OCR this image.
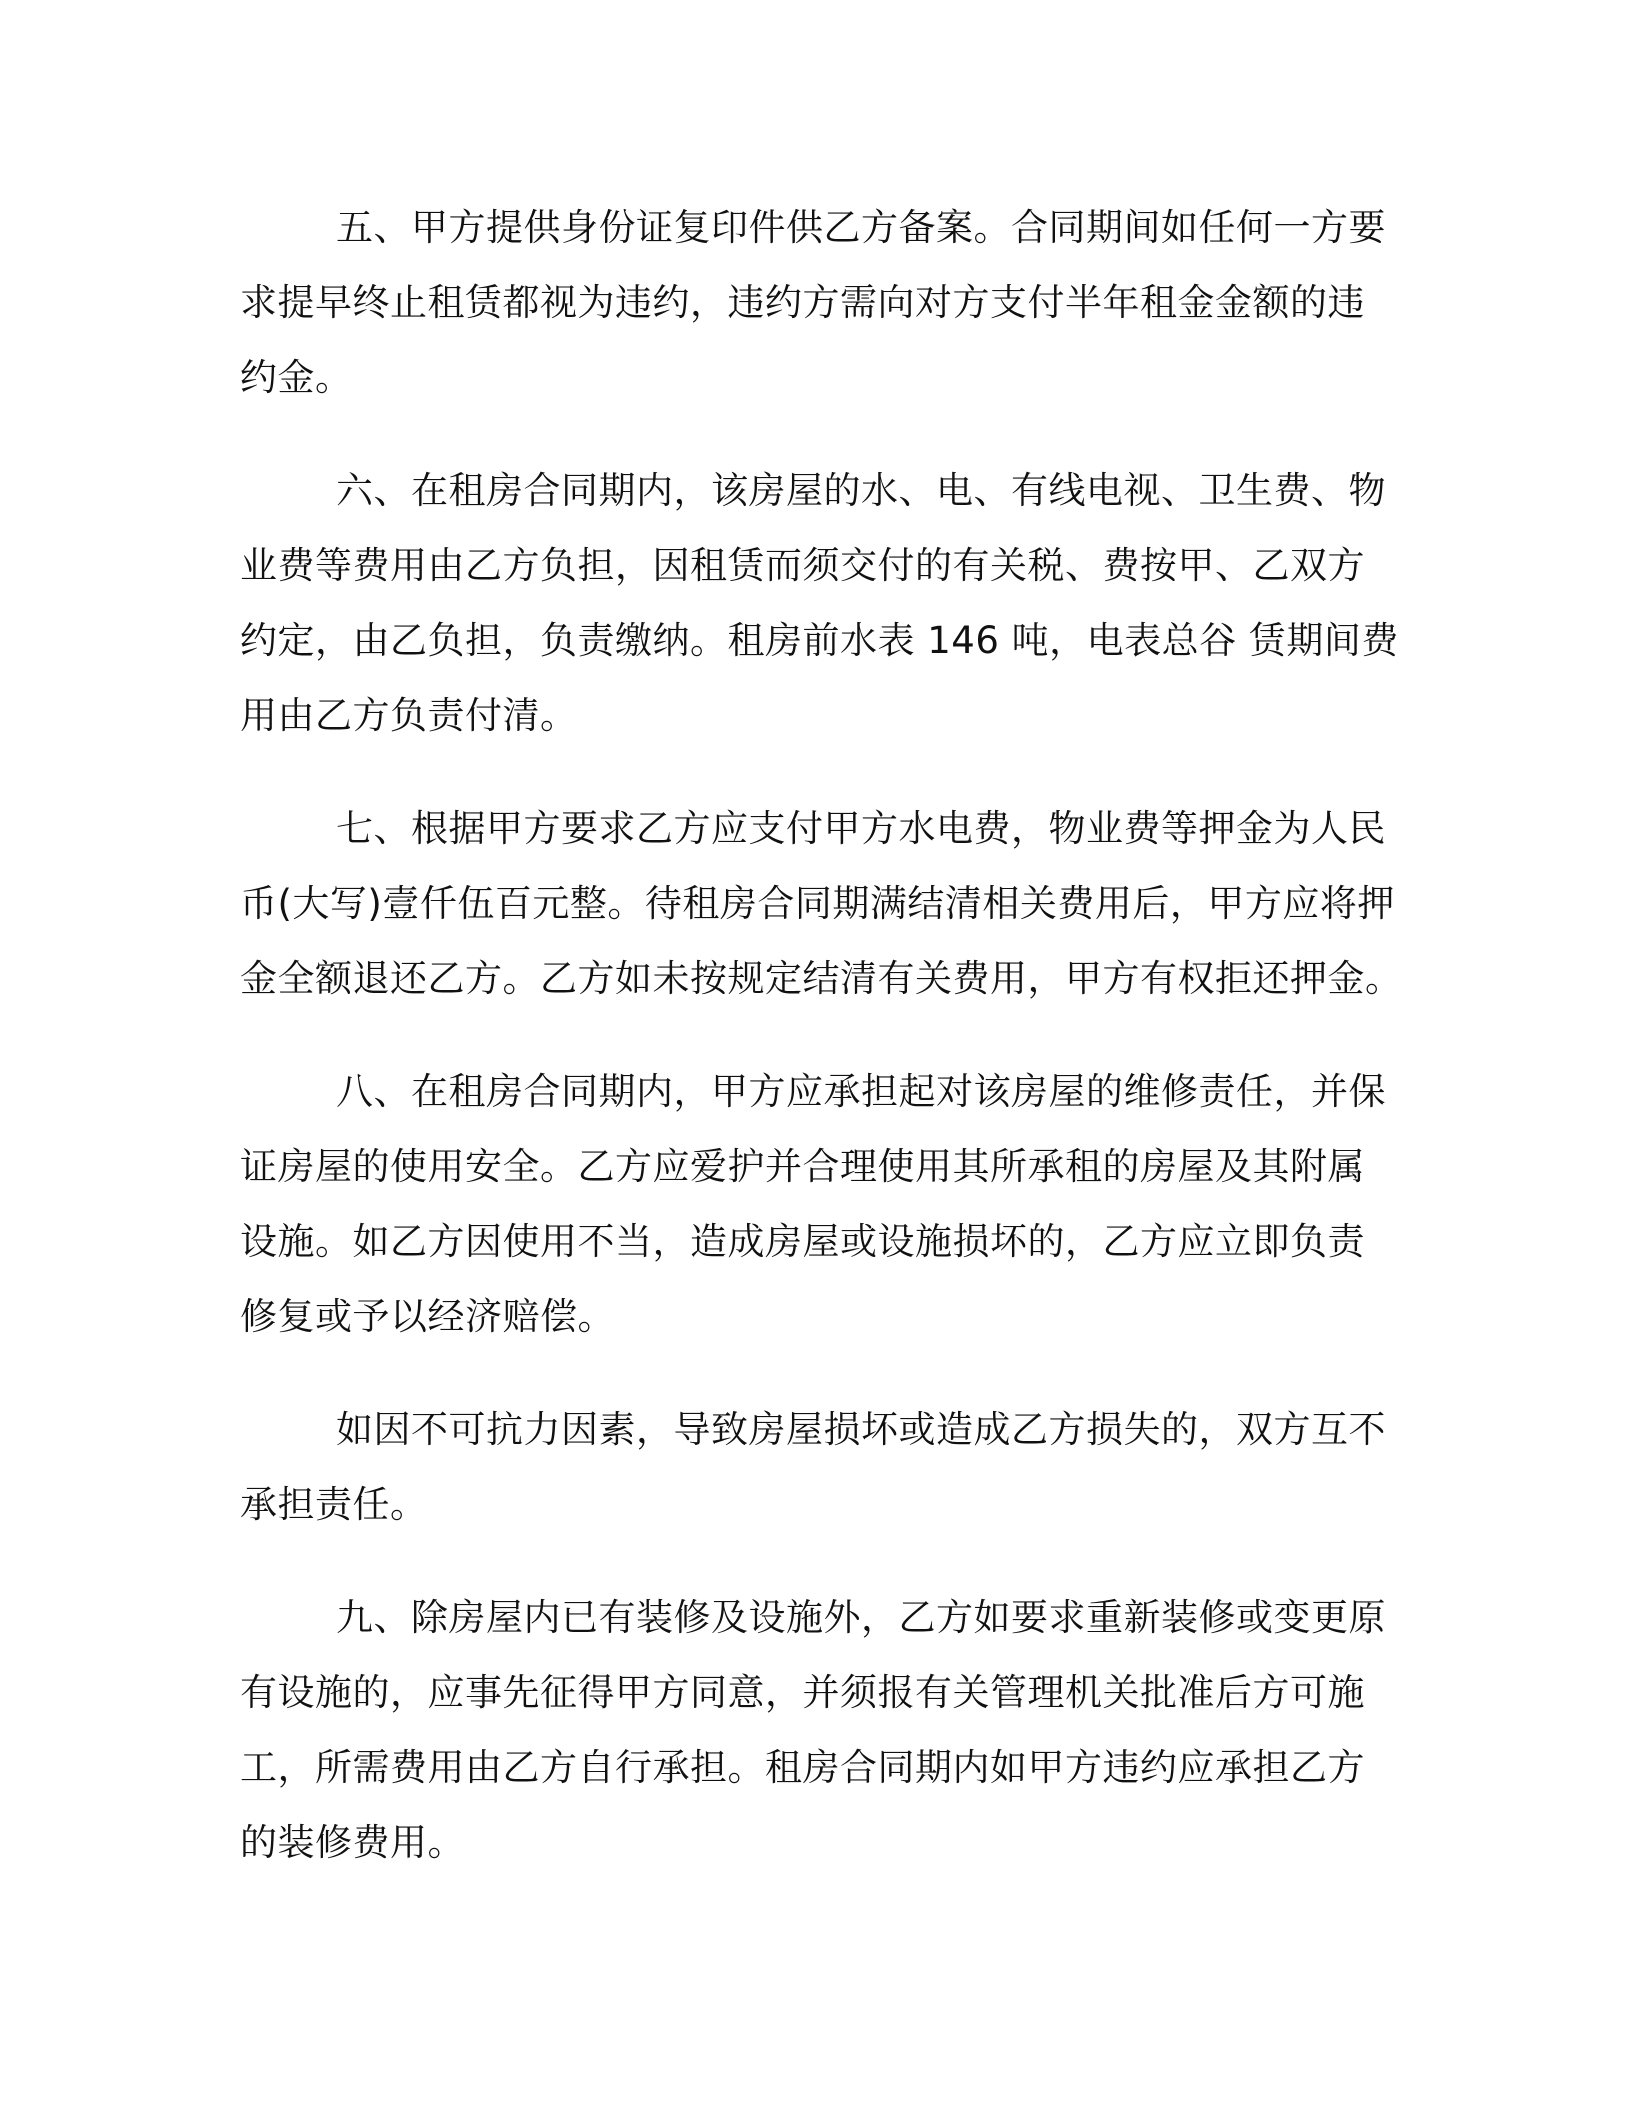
五、甲方提供身份证复印件供乙方备案。合同期间如任何一方要
求提早终止租赁都视为违约，违约方需向对方支付半年租金金额的违
约金。

六、在租房合同期内，该房屋的水、电、有线电视、卫生费、物
业费等费用由乙方负担，因租赁而须交付的有关税、费按甲、乙双方
约定，由乙负担，负责缴纳。租房前水表 146 吨，电表总谷 赁期间费
用由乙方负责付清。

七、根据甲方要求乙方应支付甲方水电费，物业费等押金为人民
币(大写)壹仟伍百元整。待租房合同期满结清相关费用后，甲方应将押
金全额退还乙方。乙方如未按规定结清有关费用，甲方有权拒还押金。

八、在租房合同期内，甲方应承担起对该房屋的维修责任，并保
证房屋的使用安全。乙方应爱护并合理使用其所承租的房屋及其附属
设施。如乙方因使用不当，造成房屋或设施损坏的，乙方应立即负责
修复或予以经济赔偿。

如因不可抗力因素，导致房屋损坏或造成乙方损失的，双方互不
承担责任。

九、除房屋内已有装修及设施外，乙方如要求重新装修或变更原
有设施的，应事先征得甲方同意，并须报有关管理机关批准后方可施
工，所需费用由乙方自行承担。租房合同期内如甲方违约应承担乙方
的装修费用。
